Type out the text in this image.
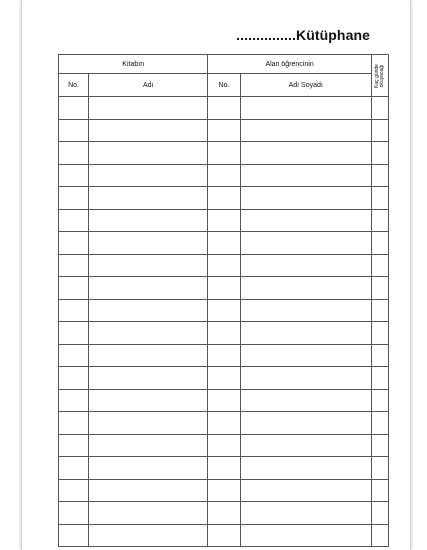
...............Kütüphane
Kitabın		Alan öğrencinin		Kaç günde
okuyacağı

No.	Adı	No.	Adı Soyadı	
